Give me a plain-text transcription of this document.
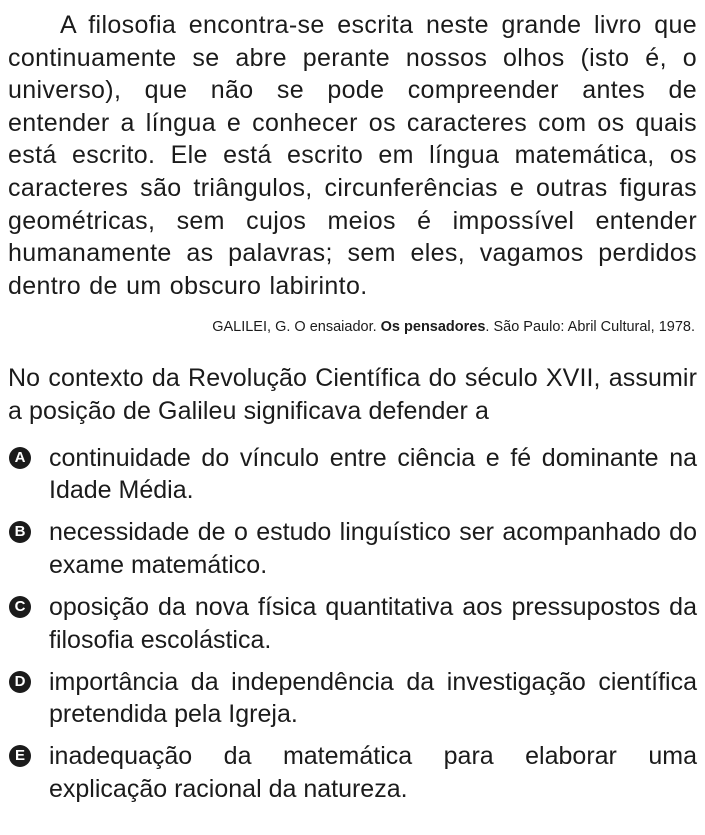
A filosofia encontra-se escrita neste grande livro que continuamente se abre perante nossos olhos (isto é, o universo), que não se pode compreender antes de entender a língua e conhecer os caracteres com os quais está escrito. Ele está escrito em língua matemática, os caracteres são triângulos, circunferências e outras figuras geométricas, sem cujos meios é impossível entender humanamente as palavras; sem eles, vagamos perdidos dentro de um obscuro labirinto.

GALILEI, G. O ensaiador. Os pensadores. São Paulo: Abril Cultural, 1978.

No contexto da Revolução Científica do século XVII, assumir a posição de Galileu significava defender a

A continuidade do vínculo entre ciência e fé dominante na Idade Média.
B necessidade de o estudo linguístico ser acompanhado do exame matemático.
C oposição da nova física quantitativa aos pressupostos da filosofia escolástica.
D importância da independência da investigação científica pretendida pela Igreja.
E inadequação da matemática para elaborar uma explicação racional da natureza.
